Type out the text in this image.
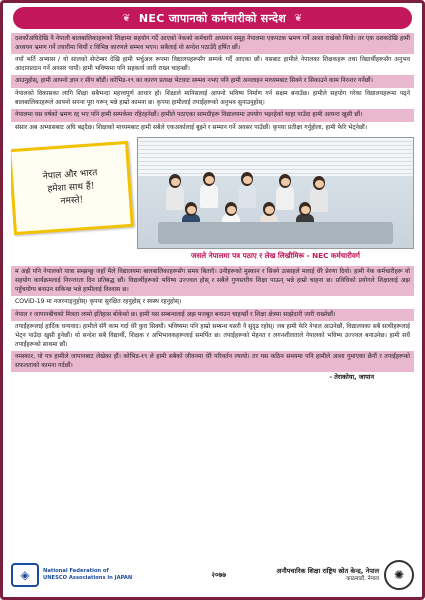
❦ NEC जापानको कर्मचारीको सन्देश ❦

दशकौंअघिदेखि नै नेपाली बालबालिकाहरूको शिक्षामा सहयोग गर्दै आएको नेकको कर्मचारी अध्ययन समूह नेपालमा एकपटक भ्रमण गर्ने आशा राखेको थियो। तर एक दशकदेखि हामी अध्ययन भ्रमण गर्ने तयारीमा थियौं र विभिन्न कारणले सम्भव भएन। सबैलाई यो सन्देश पठाउँदै हर्षित छौं।

नयाँ भर्ति अभ्यास / यो सालको सेप्टेम्बर देखि हामी भर्चुअल रूपमा विद्यालयहरूसँग सम्पर्क गर्दै आएका छौं। यसबाट हामीले नेपालका शिक्षकहरू तथा विद्यार्थीहरूसँग अनुभव आदानप्रदान गर्ने अवसर पायौं। हामी भविष्यमा पनि सहकार्य जारी राख्न चाहन्छौं।

आउनुहोस्, हामी आफ्नो ज्ञान र सीप बाँडौं। कोभिड-१९ का कारण प्रत्यक्ष भेटघाट सम्भव नभए पनि हामी अनलाइन माध्यमबाट सिक्ने र सिकाउने काम निरन्तर गर्नेछौं।

नेपालको विकासका लागि शिक्षा सबैभन्दा महत्त्वपूर्ण आधार हो। शिक्षाले मानिसलाई आफ्नो भविष्य निर्माण गर्न सक्षम बनाउँछ। हामीले सहयोग गरेका विद्यालयहरूमा पढ्ने बालबालिकाहरूले आफ्नो सपना पूरा गरून् भन्ने हाम्रो कामना छ। कृपया हामीलाई तपाईंहरूको अनुभव सुनाउनुहोस्।

नेपालमा यस वर्षको भ्रमण रद्द भए पनि हामी सम्पर्कमा रहिरहनेछौं। हामीले पठाएका सामग्रीहरू विद्यालयमा उपयोग भइरहेको थाहा पाउँदा हामी अत्यन्त खुसी छौं।

संसार अब अभ्यासबाट अघि बढ्दैछ। शिक्षाको माध्यमबाट हामी सबैले एकअर्कालाई बुझ्ने र सम्मान गर्ने अवसर पाउँछौं। कृपया प्रतीक्षा गर्नुहोला, हामी फेरि भेट्नेछौं।

नेपाल और भारत
हमेशा साथ हैं!
नमस्ते!
जसले नेपालमा पत्र पठाए र लेख लिखीमिरू - NEC कर्मचारीवर्ग

म अझै पनि नेपालको यात्रा सम्झन्छु जहाँ मैले विद्यालयमा बालबालिकाहरूसँग समय बिताएँ। उनीहरूको मुस्कान र सिक्ने उत्साहले मलाई धेरै प्रेरणा दियो। हामी नेक कर्मचारीहरू यो सहयोग कार्यक्रमलाई निरन्तरता दिन प्रतिबद्ध छौं। विद्यार्थीहरूको भविष्य उज्ज्वल होस् र सबैले गुणस्तरीय शिक्षा पाऊन् भन्ने हाम्रो चाहना छ। प्रविधिको प्रयोगले शिक्षालाई अझ पहुँचयोग्य बनाउन सकिन्छ भन्ने हामीलाई विश्वास छ।

COVID-19 मा नजरनाङ्नुहोस्। कृपया सुरक्षित रहनुहोस् र स्वस्थ रहनुहोस्।

नेपाल र जापानबीचको मित्रता लामो इतिहास बोकेको छ। हामी यस सम्बन्धलाई अझ मजबुत बनाउन चाहन्छौं र शिक्षा क्षेत्रमा साझेदारी जारी राख्नेछौं।

तपाईंहरूलाई हार्दिक धन्यवाद। हामीले सँगै काम गर्दा धेरै कुरा सिक्यौं। भविष्यमा पनि हाम्रो सम्बन्ध यसरी नै सुदृढ रहोस्। जब हामी फेरि नेपाल आउनेछौं, विद्यालयका सबै साथीहरूलाई भेट्न पाउँदा खुसी हुनेछौं। यो सन्देश सबै विद्यार्थी, शिक्षक र अभिभावकहरूलाई समर्पित छ। तपाईंहरूको मेहनत र लगनशीलताले नेपालको भविष्य उज्ज्वल बनाउनेछ। हामी सधैं तपाईंहरूको साथमा छौं।

नमस्कार, यो पत्र हामीले जापानबाट लेखेका हौं। कोभिड-१९ ले हामी सबैको जीवनमा धेरै परिवर्तन ल्यायो। तर यस कठिन समयमा पनि हामीले आशा गुमाएका छैनौं र तपाईंहरूको सफलताको कामना गर्दछौं।

- तेराकोया, जापान

◈	National Federation of
UNESCO Associations in JAPAN	२०७७	अनौपचारिक शिक्षा राष्ट्रिय स्रोत केन्द्र, नेपाल
काठमाडौं, नेपाल	✺
